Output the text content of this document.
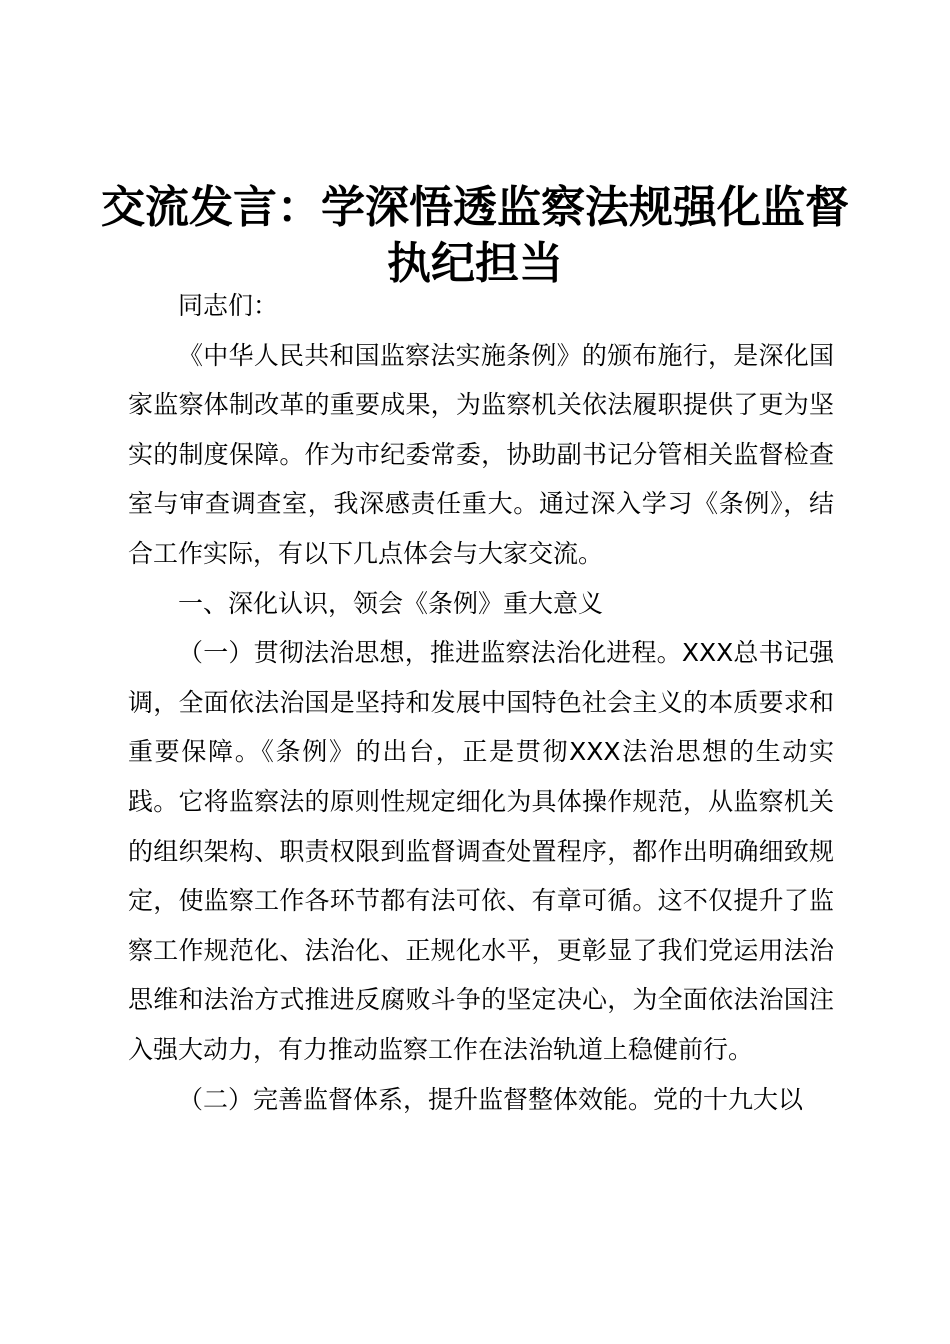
交流发言：学深悟透监察法规强化监督执纪担当

同志们：

《中华人民共和国监察法实施条例》的颁布施行，是深化国家监察体制改革的重要成果，为监察机关依法履职提供了更为坚实的制度保障。作为市纪委常委，协助副书记分管相关监督检查室与审查调查室，我深感责任重大。通过深入学习《条例》，结合工作实际，有以下几点体会与大家交流。

一、深化认识，领会《条例》重大意义

（一）贯彻法治思想，推进监察法治化进程。XXX总书记强调，全面依法治国是坚持和发展中国特色社会主义的本质要求和重要保障。《条例》的出台，正是贯彻XXX法治思想的生动实践。它将监察法的原则性规定细化为具体操作规范，从监察机关的组织架构、职责权限到监督调查处置程序，都作出明确细致规定，使监察工作各环节都有法可依、有章可循。这不仅提升了监察工作规范化、法治化、正规化水平，更彰显了我们党运用法治思维和法治方式推进反腐败斗争的坚定决心，为全面依法治国注入强大动力，有力推动监察工作在法治轨道上稳健前行。

（二）完善监督体系，提升监督整体效能。党的十九大以
